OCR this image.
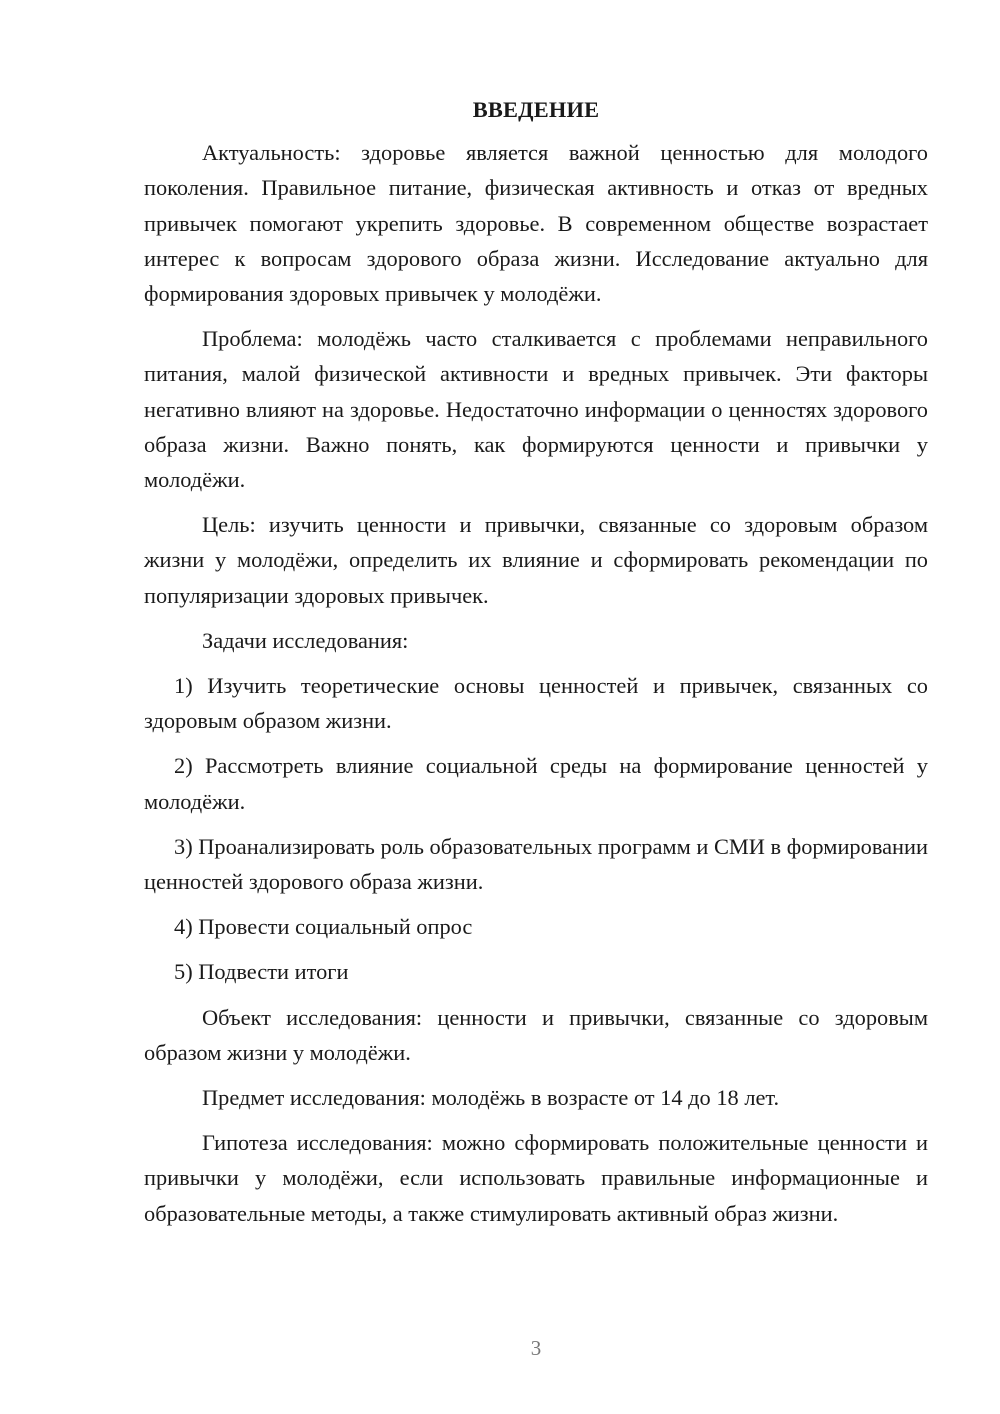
ВВЕДЕНИЕ

Актуальность: здоровье является важной ценностью для молодого поколения. Правильное питание, физическая активность и отказ от вредных привычек помогают укрепить здоровье. В современном обществе возрастает интерес к вопросам здорового образа жизни. Исследование актуально для формирования здоровых привычек у молодёжи.

Проблема: молодёжь часто сталкивается с проблемами неправильного питания, малой физической активности и вредных привычек. Эти факторы негативно влияют на здоровье. Недостаточно информации о ценностях здорового образа жизни. Важно понять, как формируются ценности и привычки у молодёжи.

Цель: изучить ценности и привычки, связанные со здоровым образом жизни у молодёжи, определить их влияние и сформировать рекомендации по популяризации здоровых привычек.

Задачи исследования:

1) Изучить теоретические основы ценностей и привычек, связанных со здоровым образом жизни.

2) Рассмотреть влияние социальной среды на формирование ценностей у молодёжи.

3) Проанализировать роль образовательных программ и СМИ в формировании ценностей здорового образа жизни.

4) Провести социальный опрос

5) Подвести итоги

Объект исследования: ценности и привычки, связанные со здоровым образом жизни у молодёжи.

Предмет исследования: молодёжь в возрасте от 14 до 18 лет.

Гипотеза исследования: можно сформировать положительные ценности и привычки у молодёжи, если использовать правильные информационные и образовательные методы, а также стимулировать активный образ жизни.

3
